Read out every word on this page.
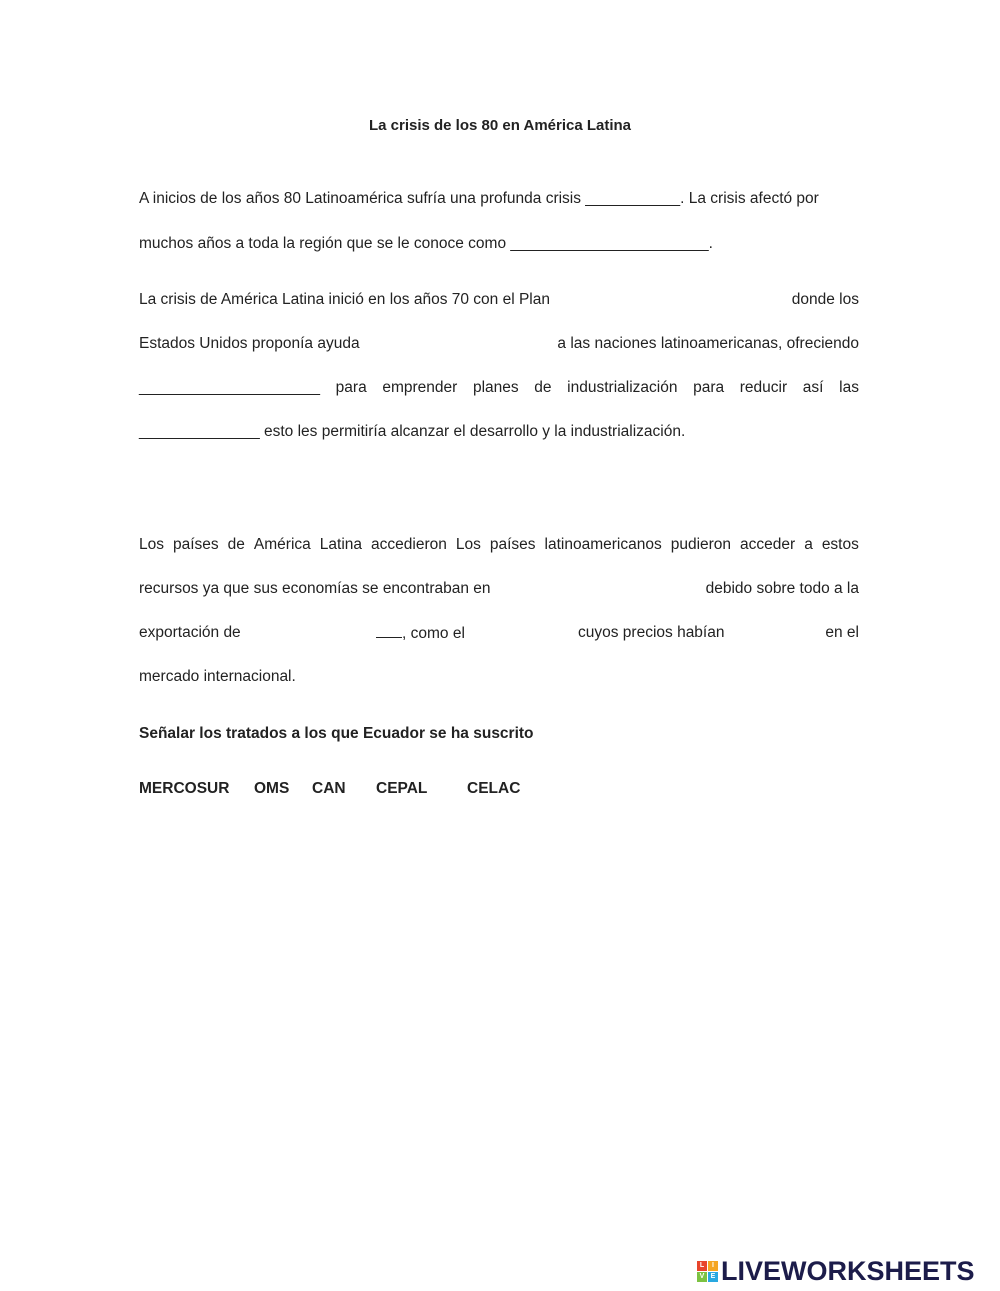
La crisis de los 80 en América Latina
A inicios de los años 80 Latinoamérica sufría una profunda crisis ___________. La crisis afectó por
muchos años a toda la región que se le conoce como _______________________.
La crisis de América Latina inició en los años 70 con el Plan	donde los
Estados Unidos proponía ayuda	a las naciones latinoamericanas, ofreciendo
_____________________ para emprender planes de industrialización para reducir así las
______________ esto les permitiría alcanzar el desarrollo y la industrialización.
Los países de América Latina accedieron Los países latinoamericanos pudieron acceder a estos
recursos ya que sus economías se encontraban en	debido sobre todo a la
exportación de	, como el	cuyos precios habían	en el
mercado internacional.
Señalar los tratados a los que Ecuador se ha suscrito
MERCOSUR OMS CAN CEPAL	CELAC
L	I
V E LIVEWORKSHEETS
